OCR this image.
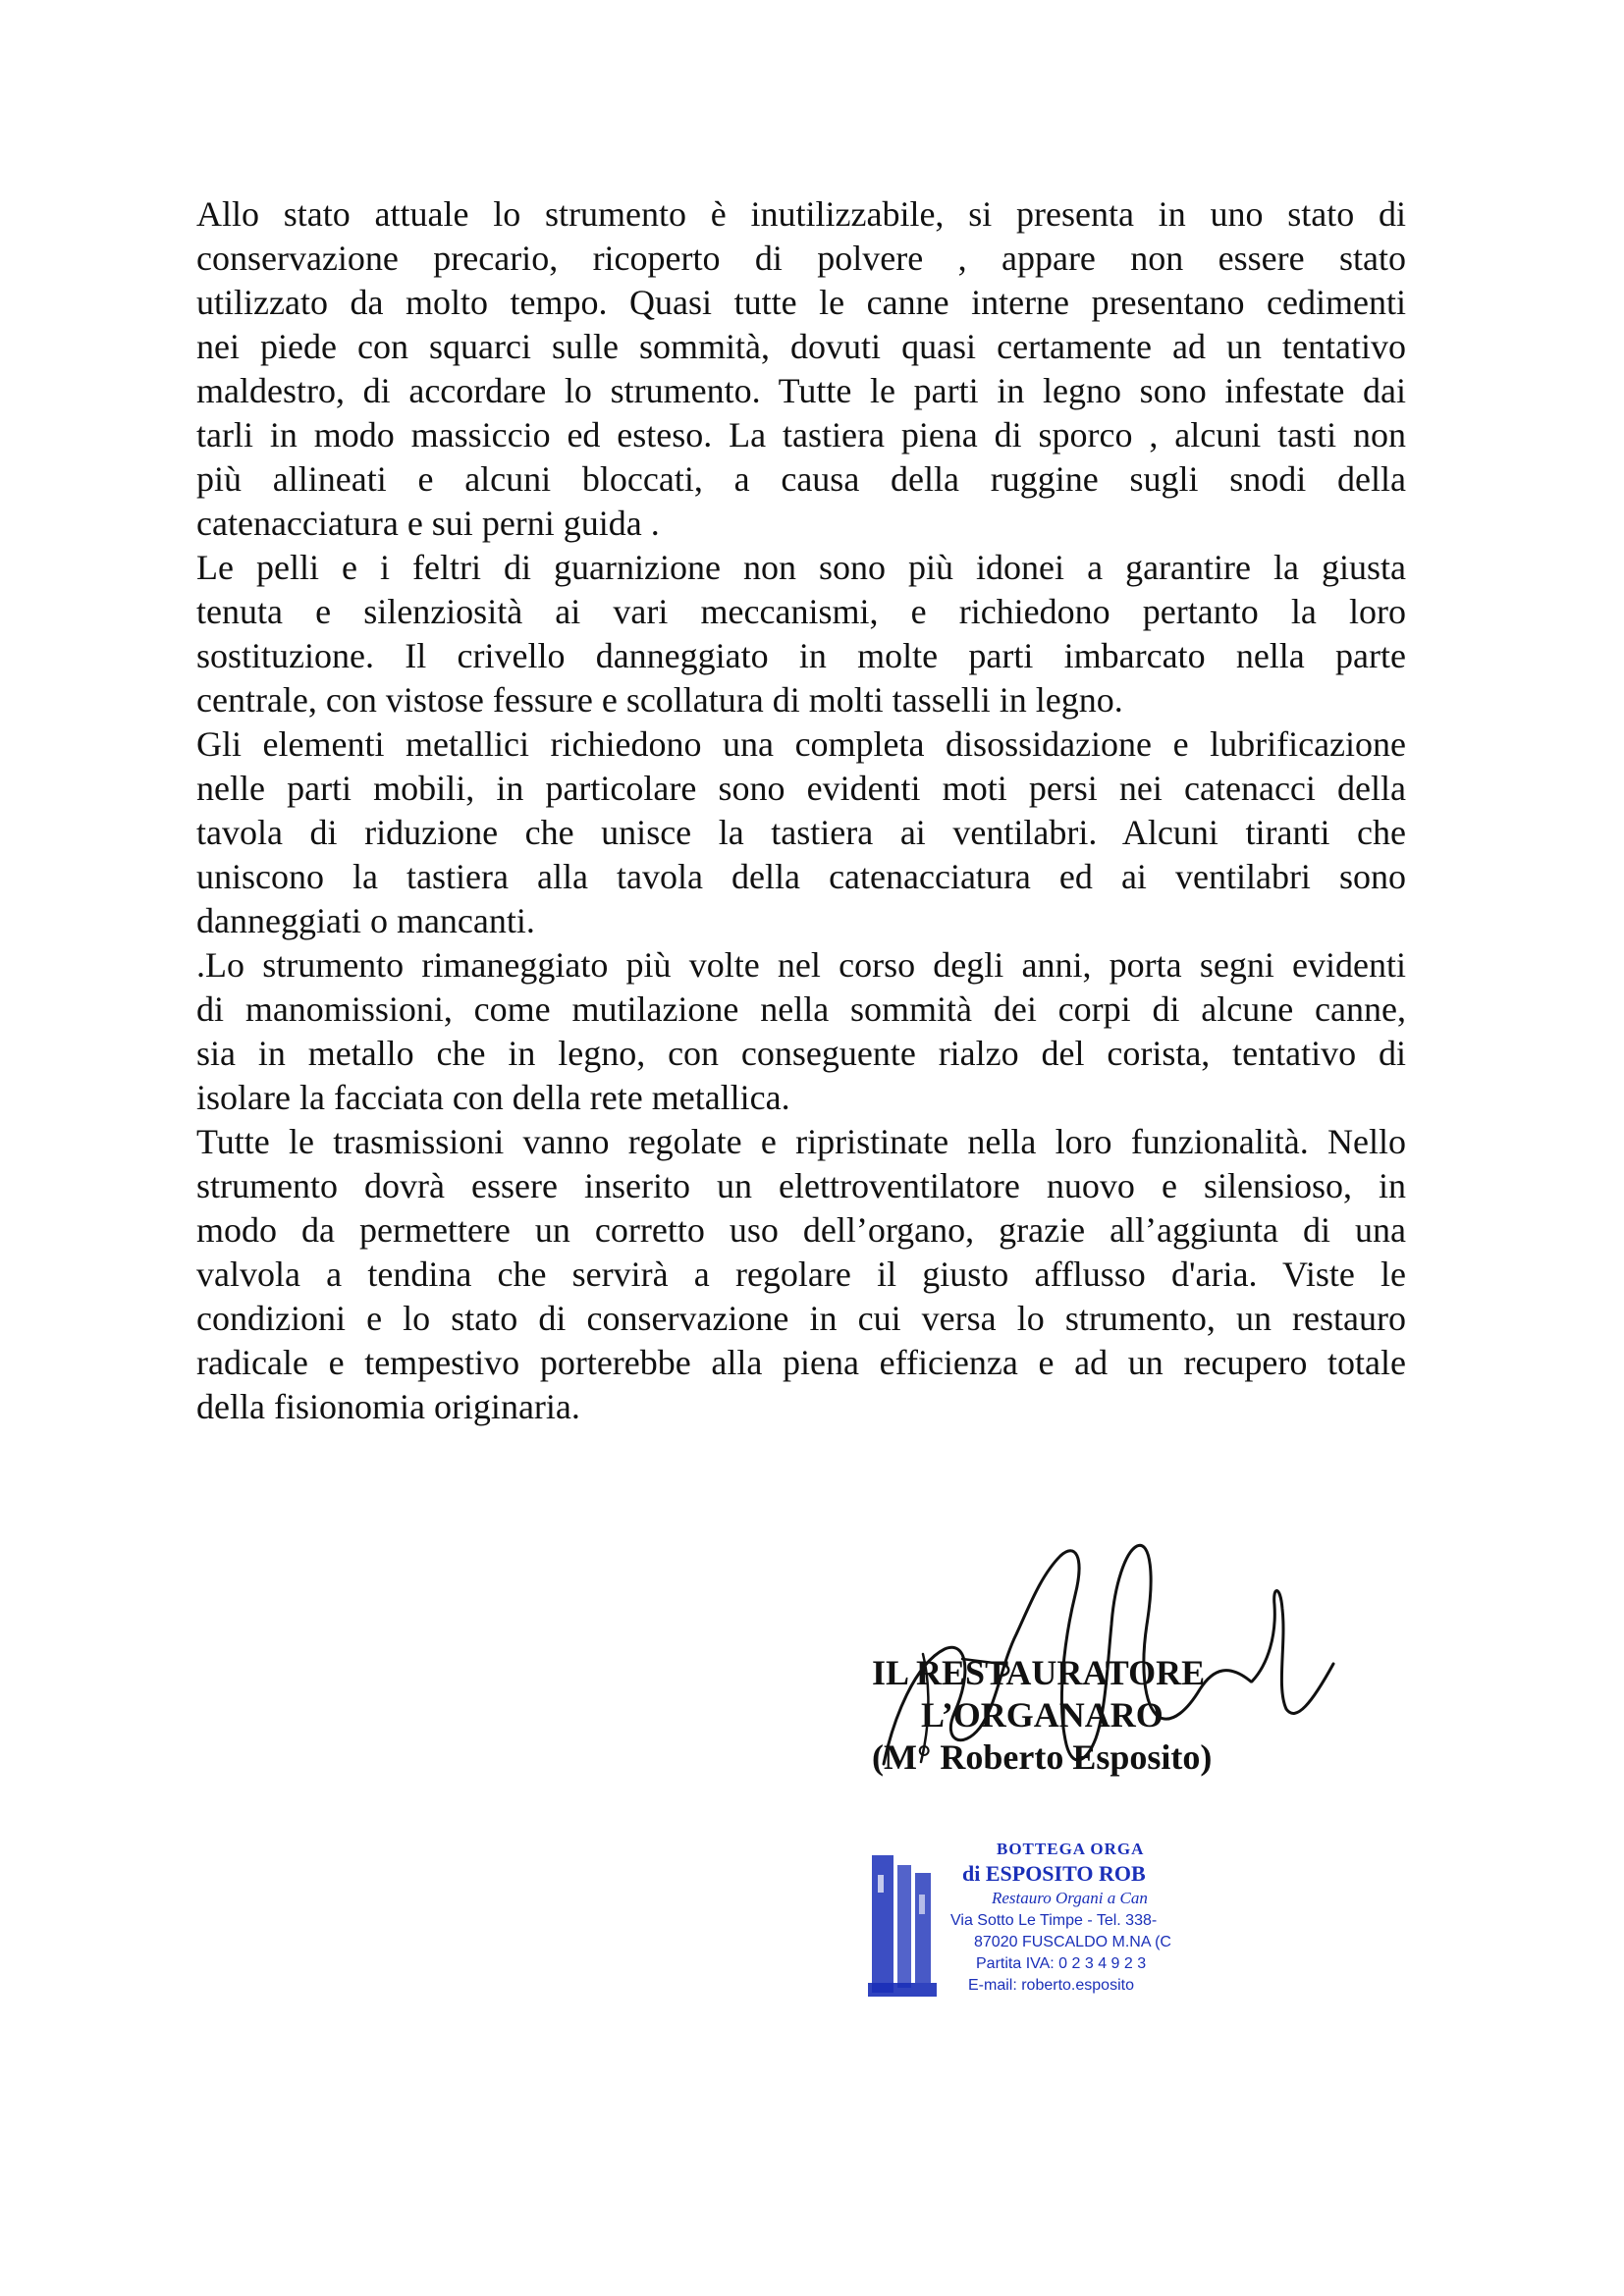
Allo stato attuale lo strumento è inutilizzabile, si presenta in uno stato di
conservazione precario, ricoperto di polvere , appare non essere stato
utilizzato da molto tempo. Quasi tutte le canne interne presentano cedimenti
nei piede con squarci sulle sommità, dovuti quasi certamente ad un tentativo
maldestro, di accordare lo strumento. Tutte le parti in legno sono infestate dai
tarli in modo massiccio ed esteso. La tastiera piena di sporco , alcuni tasti non
più allineati e alcuni bloccati, a causa della ruggine sugli snodi della
catenacciatura e sui perni guida .
Le pelli e i feltri di guarnizione non sono più idonei a garantire la giusta
tenuta e silenziosità ai vari meccanismi, e richiedono pertanto la loro
sostituzione. Il crivello danneggiato in molte parti imbarcato nella parte
centrale, con vistose fessure e scollatura di molti tasselli in legno.
Gli elementi metallici richiedono una completa disossidazione e lubrificazione
nelle parti mobili, in particolare sono evidenti moti persi nei catenacci della
tavola di riduzione che unisce la tastiera ai ventilabri. Alcuni tiranti che
uniscono la tastiera alla tavola della catenacciatura ed ai ventilabri sono
danneggiati o mancanti.
.Lo strumento rimaneggiato più volte nel corso degli anni, porta segni evidenti
di manomissioni, come mutilazione nella sommità dei corpi di alcune canne,
sia in metallo che in legno, con conseguente rialzo del corista, tentativo di
isolare la facciata con della rete metallica.
Tutte le trasmissioni vanno regolate e ripristinate nella loro funzionalità. Nello
strumento dovrà essere inserito un elettroventilatore nuovo e silensioso, in
modo da permettere un corretto uso dell’organo, grazie all’aggiunta di una
valvola a tendina che servirà a regolare il giusto afflusso d'aria. Viste le
condizioni e lo stato di conservazione in cui versa lo strumento, un restauro
radicale e tempestivo porterebbe alla piena efficienza e ad un recupero totale
della fisionomia originaria.
IL RESTAURATORE
L’ORGANARO
(M° Roberto Esposito)
BOTTEGA ORGA
di ESPOSITO ROB
Restauro Organi a Can
Via Sotto Le Timpe - Tel. 338-
87020 FUSCALDO M.NA (C
Partita IVA: 0 2 3 4 9 2 3
E-mail: roberto.esposito
